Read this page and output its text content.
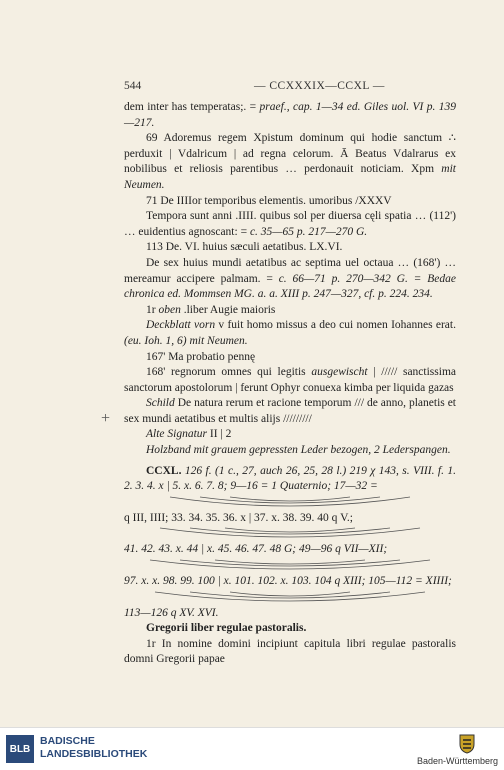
544	— CCXXXIX—CCXL —
+

dem inter has temperatas;. = praef., cap. 1—34 ed. Giles uol. VI p. 139—217.

69 Adoremus regem Xpistum dominum qui hodie sanctum ∴ perduxit | Vdalricum | ad regna celorum. Ā Beatus Vdalrarus ex nobilibus et reliosis parentibus … perdonauit noticiam. Xpm mit Neumen.

71 De IIIIor temporibus elementis. umoribus /XXXV

Tempora sunt anni .IIII. quibus sol per diuersa cęli spatia … (112') … euidentius agnoscant: = c. 35—65 p. 217—270 G.

113 De. VI. huius sæculi aetatibus. LX.VI.

De sex huius mundi aetatibus ac septima uel octaua … (168') … mereamur accipere palmam. = c. 66—71 p. 270—342 G. = Bedae chronica ed. Mommsen MG. a. a. XIII p. 247—327, cf. p. 224. 234.

1r oben .liber Augie maioris

Deckblatt vorn v fuit homo missus a deo cui nomen Iohannes erat. (eu. Ioh. 1, 6) mit Neumen.

167' Ma probatio pennę

168' regnorum omnes qui legitis ausgewischt | ///// sanctissima sanctorum apostolorum | ferunt Ophyr conuexa kimba per liquida gazas

Schild De natura rerum et racione temporum /// de anno, planetis et sex mundi aetatibus et multis alijs /////////

Alte Signatur II | 2

Holzband mit grauem gepressten Leder bezogen, 2 Lederspangen.

CCXL. 126 f. (1 c., 27, auch 26, 25, 28 l.) 219 χ 143, s. VIII. f. 1. 2. 3. 4. x | 5. x. 6. 7. 8; 9—16 = 1 Quaternio; 17—32 =

q III, IIII; 33. 34. 35. 36. x | 37. x. 38. 39. 40 q V.;

41. 42. 43. x. 44 | x. 45. 46. 47. 48 G; 49—96 q VII—XII;

97. x. x. 98. 99. 100 | x. 101. 102. x. 103. 104 q XIII; 105—112 = XIIII;

113—126 q XV. XVI.

Gregorii liber regulae pastoralis.

1r In nomine domini incipiunt capitula libri regulae pastoralis domni Gregorii papae

BLB
BADISCHE
LANDESBIBLIOTHEK
Baden-Württemberg
